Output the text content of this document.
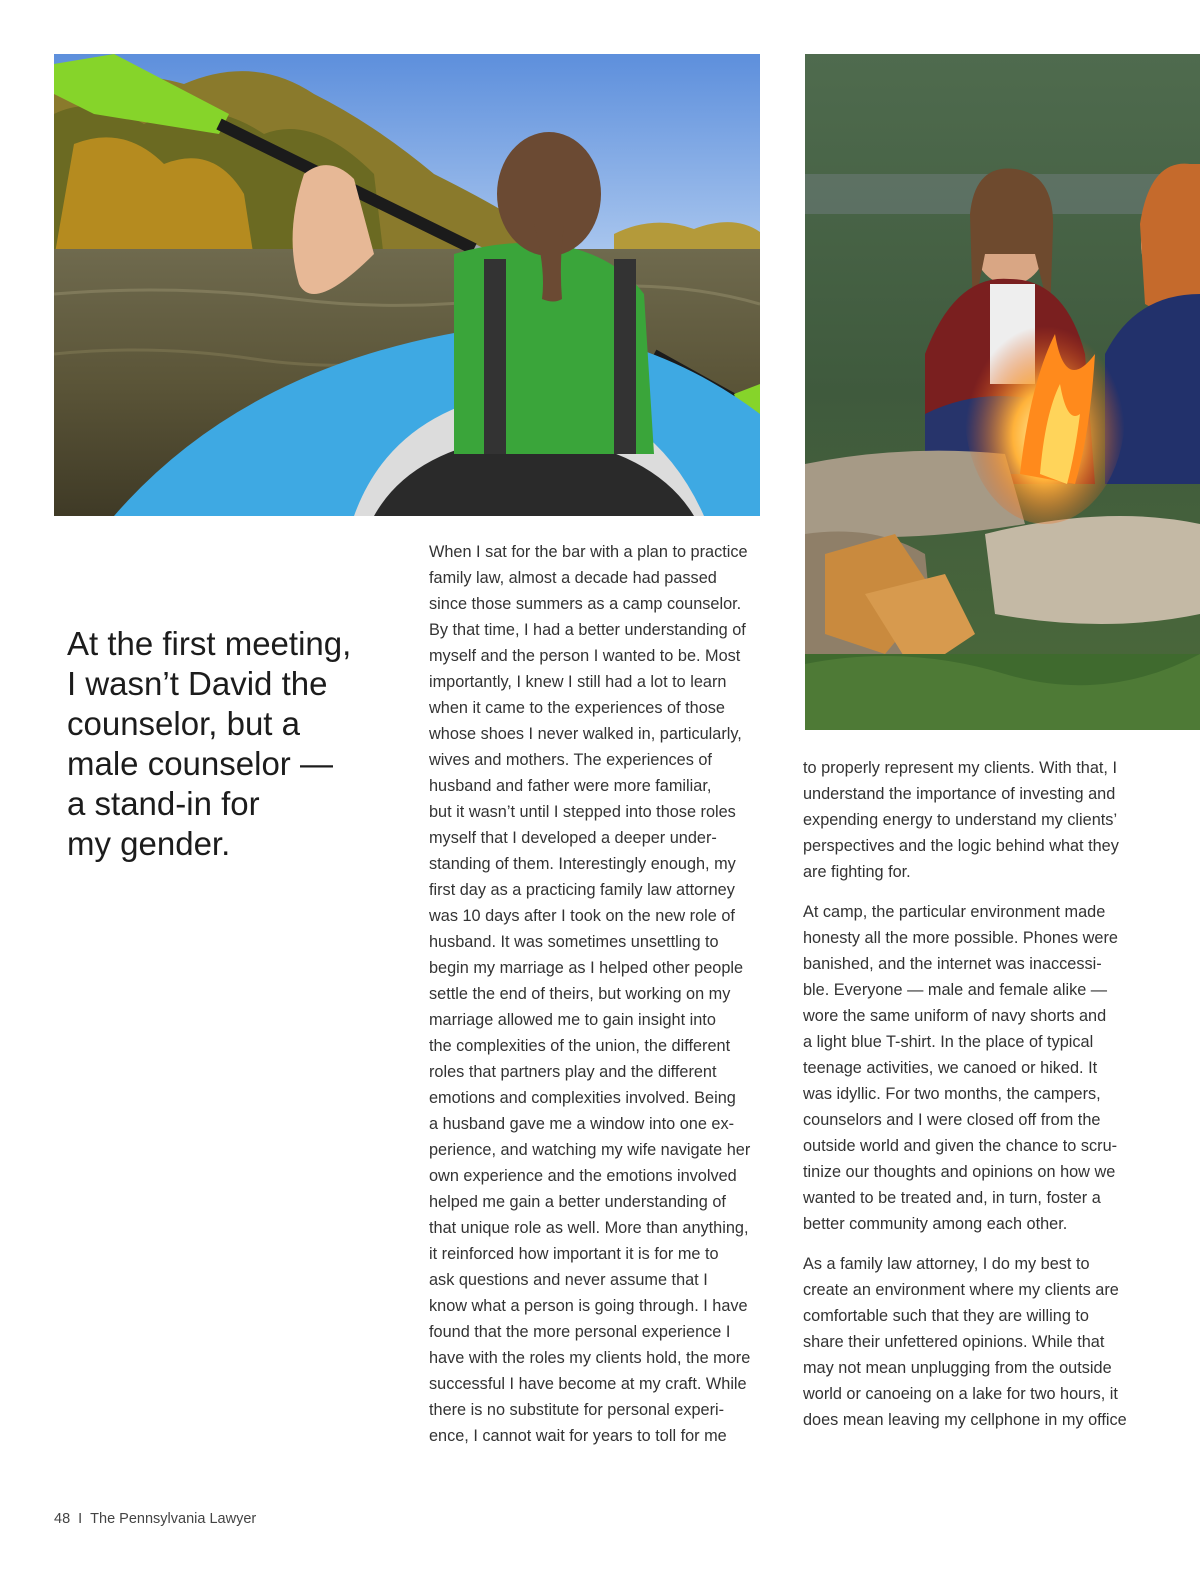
At the first meeting,
I wasn’t David the
counselor, but a
male counselor —
a stand-in for
my gender.

When I sat for the bar with a plan to practice
family law, almost a decade had passed
since those summers as a camp counselor.
By that time, I had a better understanding of
myself and the person I wanted to be. Most
importantly, I knew I still had a lot to learn
when it came to the experiences of those
whose shoes I never walked in, particularly,
wives and mothers. The experiences of
husband and father were more familiar,
but it wasn’t until I stepped into those roles
myself that I developed a deeper under-
standing of them. Interestingly enough, my
first day as a practicing family law attorney
was 10 days after I took on the new role of
husband. It was sometimes unsettling to
begin my marriage as I helped other people
settle the end of theirs, but working on my
marriage allowed me to gain insight into
the complexities of the union, the different
roles that partners play and the different
emotions and complexities involved. Being
a husband gave me a window into one ex-
perience, and watching my wife navigate her
own experience and the emotions involved
helped me gain a better understanding of
that unique role as well. More than anything,
it reinforced how important it is for me to
ask questions and never assume that I
know what a person is going through. I have
found that the more personal experience I
have with the roles my clients hold, the more
successful I have become at my craft. While
there is no substitute for personal experi-
ence, I cannot wait for years to toll for me
to properly represent my clients. With that, I
understand the importance of investing and
expending energy to understand my clients’
perspectives and the logic behind what they
are fighting for.
At camp, the particular environment made
honesty all the more possible. Phones were
banished, and the internet was inaccessi-
ble. Everyone — male and female alike —
wore the same uniform of navy shorts and
a light blue T-shirt. In the place of typical
teenage activities, we canoed or hiked. It
was idyllic. For two months, the campers,
counselors and I were closed off from the
outside world and given the chance to scru-
tinize our thoughts and opinions on how we
wanted to be treated and, in turn, foster a
better community among each other.
As a family law attorney, I do my best to
create an environment where my clients are
comfortable such that they are willing to
share their unfettered opinions. While that
may not mean unplugging from the outside
world or canoeing on a lake for two hours, it
does mean leaving my cellphone in my office
48 I The Pennsylvania Lawyer
